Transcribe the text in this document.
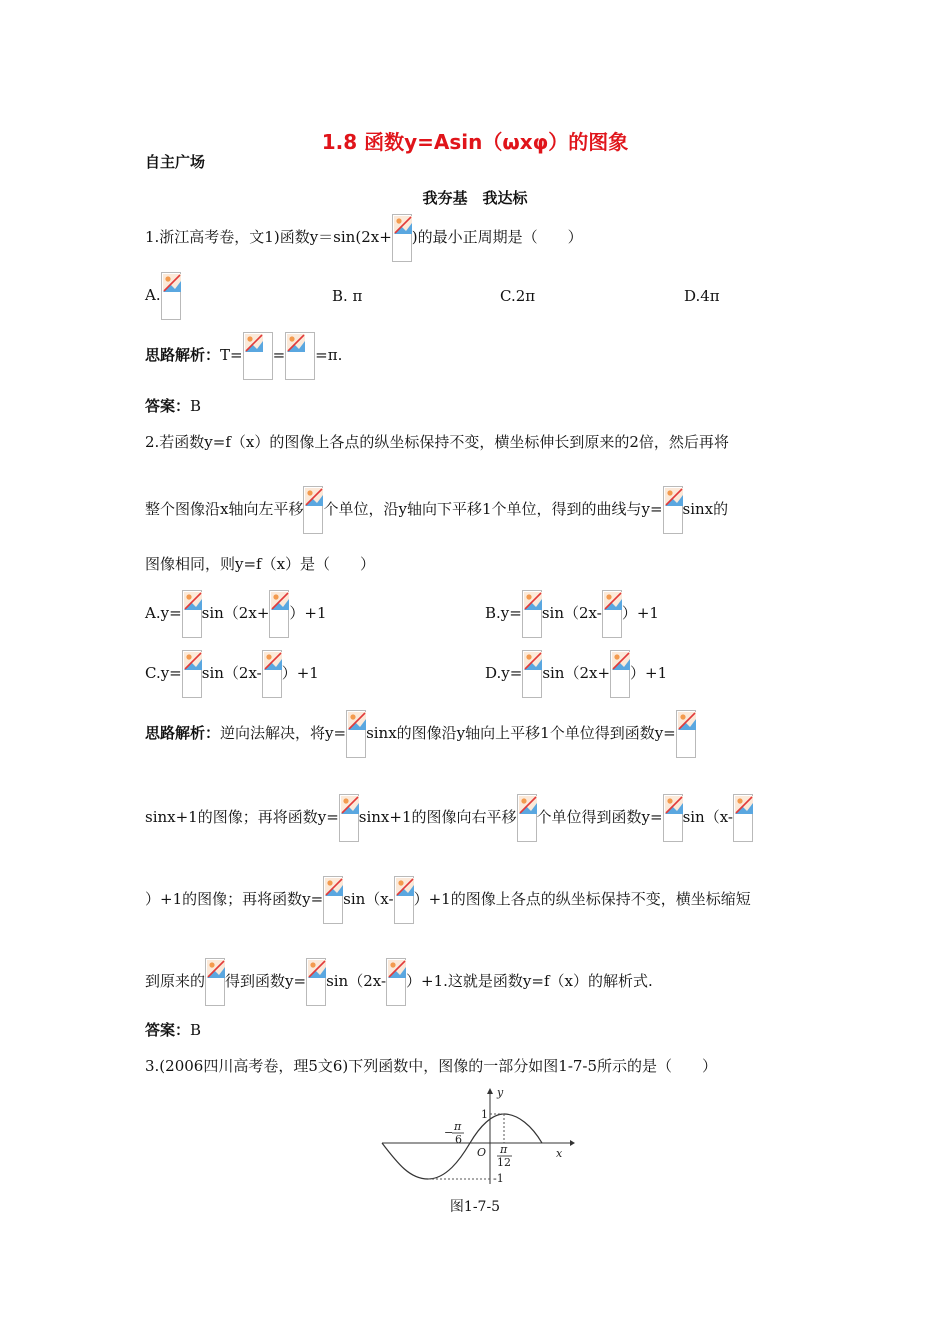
1.8 函数y=Asin（ωxφ）的图象
自主广场
我夯基　我达标
1.浙江高考卷，文1)函数y＝sin(2x+ )的最小正周期是（　　）
A.	B. π	C.2π	D.4π
思路解析：T= = =π.
答案：B
2.若函数y=f（x）的图像上各点的纵坐标保持不变，横坐标伸长到原来的2倍，然后再将
整个图像沿x轴向左平移 个单位，沿y轴向下平移1个单位，得到的曲线与y= sinx的
图像相同，则y=f（x）是（　　）
A.y= sin（2x+ ）+1	B.y= sin（2x- ）+1
C.y= sin（2x- ）+1	D.y= sin（2x+ ）+1
思路解析：逆向法解决，将y= sinx的图像沿y轴向上平移1个单位得到函数y=
sinx+1的图像；再将函数y= sinx+1的图像向右平移 个单位得到函数y= sin（x-
）+1的图像；再将函数y= sin（x- ）+1的图像上各点的纵坐标保持不变，横坐标缩短
到原来的 得到函数y= sin（2x- ）+1.这就是函数y=f（x）的解析式.
答案：B
3.(2006四川高考卷，理5文6)下列函数中，图像的一部分如图1-7-5所示的是（　　）
y
x
O
1
-1
− π
6
π
12
图1-7-5
